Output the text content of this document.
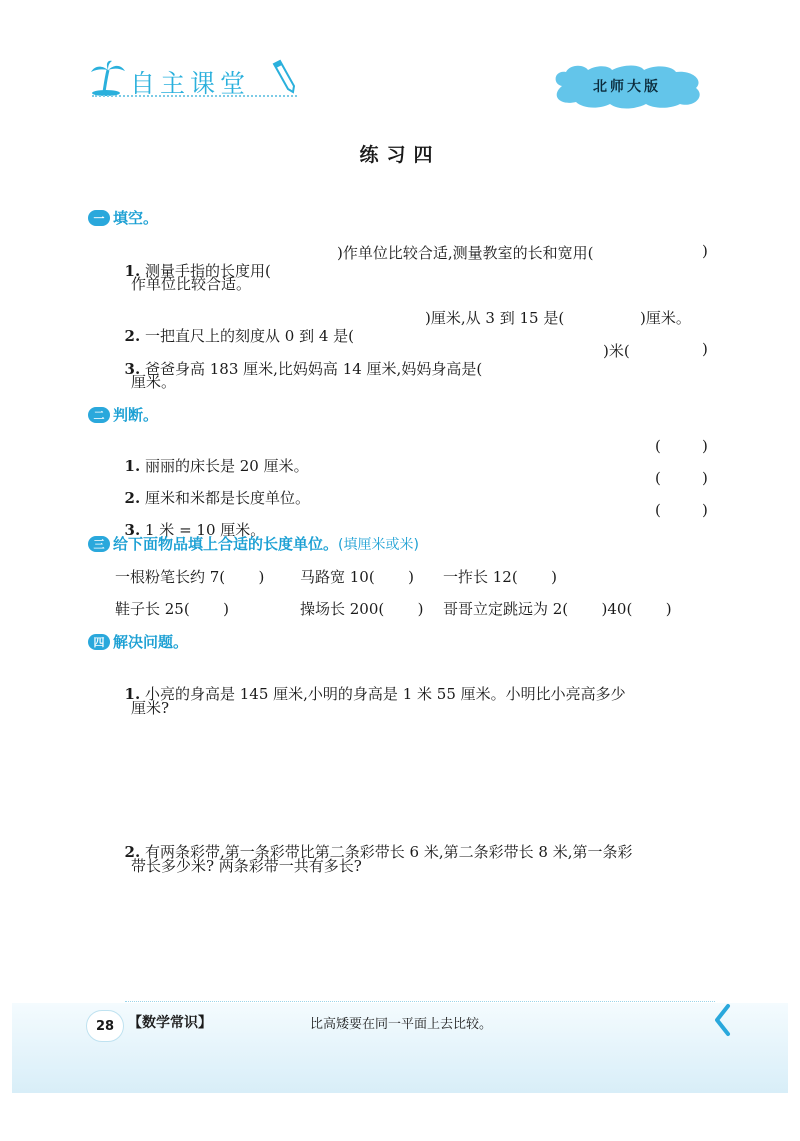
自主课堂	北师大版
练习四
一 填空。

1. 测量手指的长度用(

)作单位比较合适,测量教室的长和宽用(	)
作单位比较合适。

2. 一把直尺上的刻度从 0 到 4 是(

)厘米,从 3 到 15 是(	)厘米。

3. 爸爸身高 183 厘米,比妈妈高 14 厘米,妈妈身高是(

)米(	)
厘米。
二 判断。

1. 丽丽的床长是 20 厘米。

(	)

2. 厘米和米都是长度单位。

(	)

3. 1 米 = 10 厘米。

(	)
三 给下面物品填上合适的长度单位。 (填厘米或米)
一根粉笔长约 7(       ) 马路宽 10(       ) 一拃长 12(       )
鞋子长 25(       )	操场长 200(       ) 哥哥立定跳远为 2(       )40(       )
四 解决问题。

1. 小亮的身高是 145 厘米,小明的身高是 1 米 55 厘米。小明比小亮高多少

厘米?

2. 有两条彩带,第一条彩带比第二条彩带长 6 米,第二条彩带长 8 米,第一条彩

带长多少米? 两条彩带一共有多长?
28 【数学常识】	比高矮要在同一平面上去比较。
